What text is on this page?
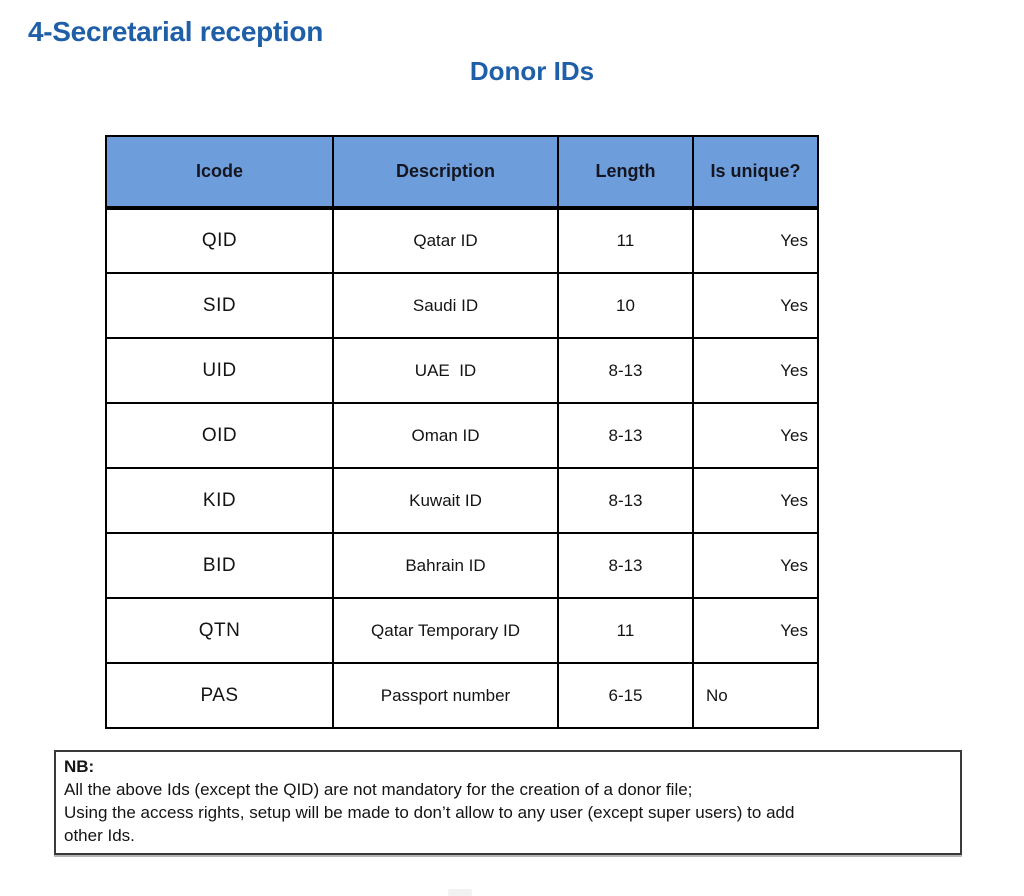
4-Secretarial reception
Donor IDs
Icode	Description	Length	Is unique?
QID	Qatar ID	11	Yes
SID	Saudi ID	10	Yes
UID	UAE  ID	8-13	Yes
OID	Oman ID	8-13	Yes
KID	Kuwait ID	8-13	Yes
BID	Bahrain ID	8-13	Yes
QTN	Qatar Temporary ID	11	Yes
PAS	Passport number	6-15	No
NB:
All the above Ids (except the QID) are not mandatory for the creation of a donor file;
Using the access rights, setup will be made to don’t allow to any user (except super users) to add
other Ids.
